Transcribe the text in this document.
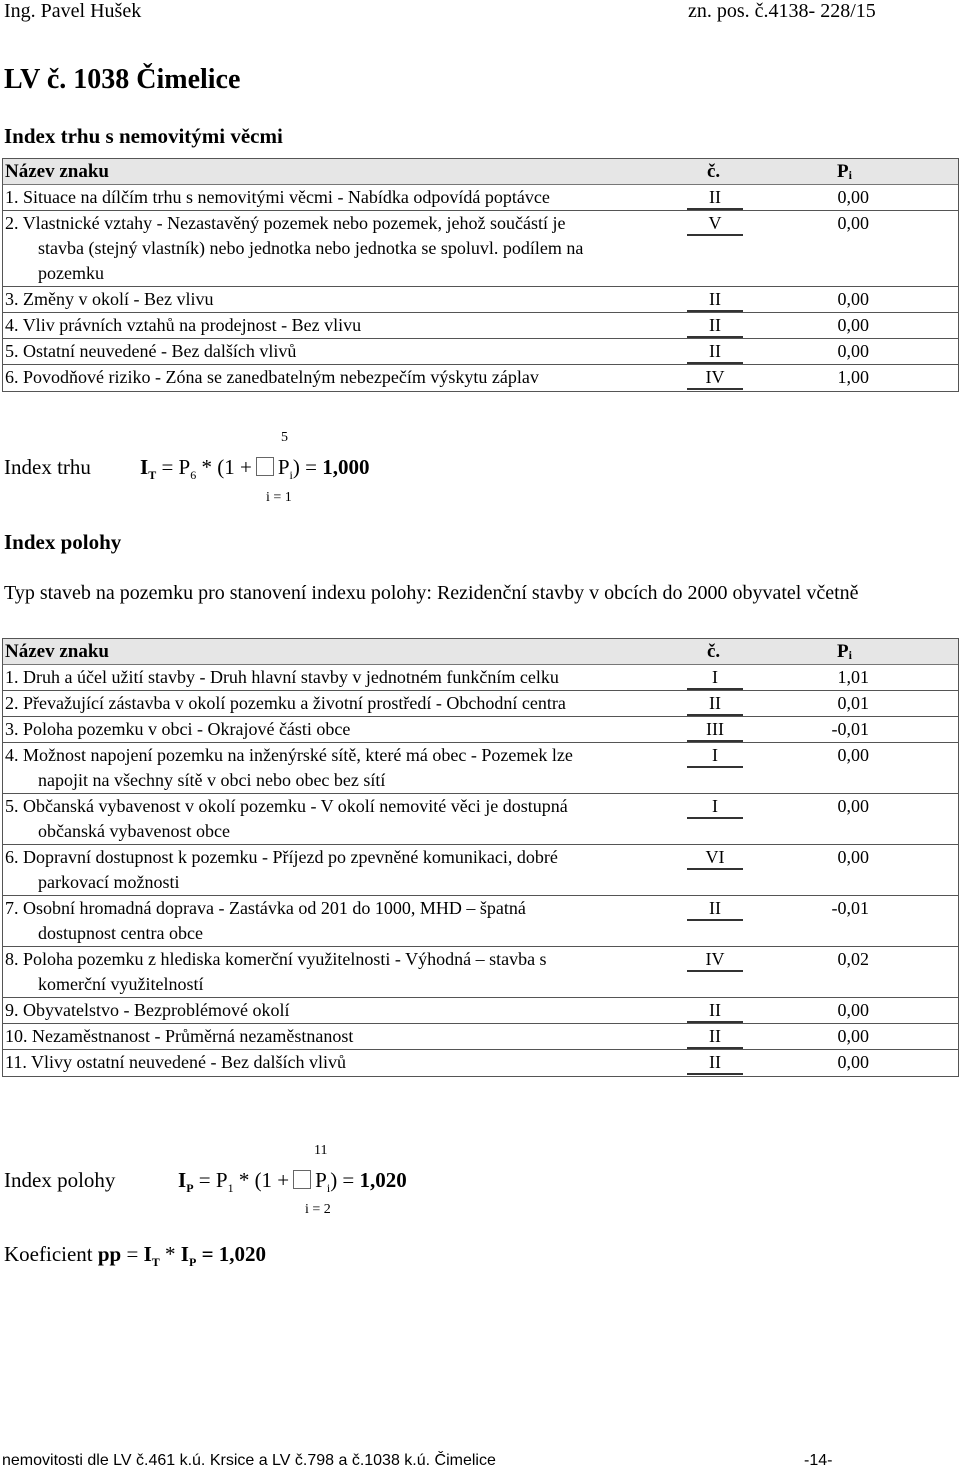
Ing. Pavel Hušek	zn. pos. č.4138- 228/15
LV č. 1038 Čimelice
Index trhu s nemovitými věcmi
Název znaku	č.	$P_i$
1. Situace na dílčím trhu s nemovitými věcmi - Nabídka odpovídá poptávce	II	0,00
2. Vlastnické vztahy - Nezastavěný pozemek nebo pozemek, jehož součástí je
stavba (stejný vlastník) nebo jednotka nebo jednotka se spoluvl. podílem na
pozemku
V	0,00
3. Změny v okolí - Bez vlivu	II	0,00
4. Vliv právních vztahů na prodejnost - Bez vlivu	II	0,00
5. Ostatní neuvedené - Bez dalších vlivů	II	0,00
6. Povodňové riziko - Zóna se zanedbatelným nebezpečím výskytu záplav	IV	1,00
Index trhu $I_T = P_6 * (1 + P_i) = 1,000$
5
i = 1
Index polohy
Typ staveb na pozemku pro stanovení indexu polohy: Rezidenční stavby v obcích do 2000 obyvatel včetně
Název znaku	č.	$P_i$
1. Druh a účel užití stavby - Druh hlavní stavby v jednotném funkčním celku	I	1,01
2. Převažující zástavba v okolí pozemku a životní prostředí - Obchodní centra	II	0,01
3. Poloha pozemku v obci - Okrajové části obce	III	-0,01
4. Možnost napojení pozemku na inženýrské sítě, které má obec - Pozemek lze
napojit na všechny sítě v obci nebo obec bez sítí
I	0,00
5. Občanská vybavenost v okolí pozemku - V okolí nemovité věci je dostupná
občanská vybavenost obce
I	0,00
6. Dopravní dostupnost k pozemku - Příjezd po zpevněné komunikaci, dobré
parkovací možnosti
VI	0,00
7. Osobní hromadná doprava - Zastávka od 201 do 1000, MHD – špatná
dostupnost centra obce
II	-0,01
8. Poloha pozemku z hlediska komerční využitelnosti - Výhodná – stavba s
komerční využitelností
IV	0,02
9. Obyvatelstvo - Bezproblémové okolí	II	0,00
10. Nezaměstnanost - Průměrná nezaměstnanost	II	0,00
11. Vlivy ostatní neuvedené - Bez dalších vlivů	II	0,00
Index polohy	$I_P = P_1 * (1 + P_i) = 1,020$
11
i = 2
Koeficient pp = $I_T * I_P = 1,020$
nemovitosti dle LV č.461 k.ú. Krsice a LV č.798 a č.1038 k.ú. Čimelice	-14-
